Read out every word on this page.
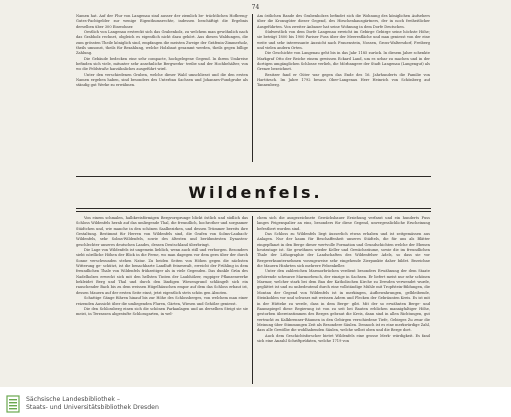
74

Namen hat. Auf der Flur von Langenau sind ausser der ziemlich be- trächtlichen Hofbreng-Gutes-Pachtgelder zur wenige Eigenthumsrechte, indessen beschäftigt die Ergebnis derselben über 300 Einwohner.

Oestlich von Langenau erstreckt sich das Grabenholz, zu welchem man gewöhnlich nach das Grabholz rechnet, obgleich es eigentlich nicht dazu gehört. Aus diesen Waldungen, die zum grössten Theile königlich sind, empfangen die meisten Zweige der Gräfenin-Zimmerholz, theils umsonst, theils für Bezahlung, welche Holzbaut gesammt werden, theils gegen billige Zahlung.

Die Gebäude bedecken eine sehr compacte, hochgelegene Gegend. In ihrem Umkreise befinden sich viele, mitunter sehr ansehnliche Bergwerks- treibe und der Hochbehälter, von wo die Feldstraße harzähnliches ausgeführt wird.

Unter den verschiedenen Gruben, welche dieser Wald umschliesst und die den ersten Namen ergeben haben, sind besonders des Unterbau Sachsen und Johannes-Fundgrube als ständig gut Werke zu erwähnen.

Am östlichen Rande des Grabenholzes befindet sich die Wohnung des königlichen Aufsehers über die Kronsgüter dieser Gegend, des Hirschenhausgärtners, der in noch freiheitlicher Ausgeführten. Von zweiter Anbauer hat seine Wohnung in dem Dorfe Deutschen.

Südwestlich von dem Dorfe Langenau erreicht im Gebirge Gebirge seine höchste Höhe; sie beträgt 1800 bis 1900 Pariser Fuss über der Meeresfläche und man geniesst von der eine weite und sehr interessante Aussicht nach Frauenstein, Nossen, Gross-Waltersdorf, Freiberg und vielen andern Orten.

Die Geschichte von Langenau geht bis in das Jahr 1185 zurück. In diesem Jahre schenkte Markgraf Otto der Reiche einem gewissen Eckard Land, um es urbar zu machen und in der dortigen umgänglichen Schlosse verlieh, die Mörbangere der Stadt Langenau (Langengut) als Grenze bezeichnet.

Besitzer fand er Güter war gegen das Ende des 16. Jahrhunderts die Familie von Hartitzsch. Im Jahre 1792 besass Ober-Langenau Herr Heinrich von Schönberg auf Tannenberg.

Wildenfels.

Von einem schmalen, halbkreisförmigen Bergvorsprunge blickt östlich und südlich das Schloss Wildenfels herab auf das umliegende Thal, die freundlich, hochrother und sorgsamer Städtchen und, wie manche in den schönen Saalbezirken, und dessen Trümmer bereits ihre Gestaltung. Bestimmt für Herren von Wildenfels sind, die Grafen von Solms-Laubach-Wildenfels, sehr Solms-Wildenfels, sowie des ältesten und berühmtesten Dynasten- geschlechter unseres deutschen Landes, dessen Deutschland überbringt.

Die Lage von Wildenfels ist ungemein lieblich, wenn auch still und verborgen. Besonders sieht nördliche Höhen der Blick in die Ferne, wo man dagegen vor dem gern über der durch Sonne verschwunden stehen Natur. Zu beiden Seiten von Höhen gegen die nächsten Witterung ge- schützt, ist die benachbarte Landluft feineswalt, erreicht der Frühling in dem freundlichen Thale von Wildenfels frühzeitiger als in viele Gegenden. Das dunkle Grün des Nadelholzes erweckt sich mit den hellsten Tinten der Laubhölzer, ruppiger Pflanzenwerke bekleidet Berg und Thal und durch den ländigen Wiesengrund schlängelt sich ein rauschender Bach bis zu dem weissen Hügelhäuschen empor auf dem das Schloss erbaut ist, dessen Mauern auf der ersten Seite einst, jetzt eigentlich stets schön gen Absoten.

Schattige Gänge führen hinauf bis zur Höhe des Schlossberges, von welchem man einer reizenden Aussicht über die umliegenden Fluren, Gärten, Wiesen und Gehölze geniesst.

Die den Schlossberg einen sich die schönen Parkanlagen und an derselben Steigt sie sie meist, in Terrassen abgestufte Schlossgarten, in wel-

chem sich die ausgezeichnete Gewächsbauer Erziehung verfasst und ein hunderts Fuss langes Feigenspalier an eins, besonders für diese Gegend, unvergesslichliche Erscheinung befestliert worden sind.

Das Schloss zu Wildenfels liegt äusserlich etwas erhaben und ist zeitgemässen aus Anlagen. Nur der kaum für Beschaffenheit unseres Städtels, die für uns als Blätter eingepflanzt in den Berge dieser wertvolle Formation und Grundschichten welche der Ebenen heutzutage ist. Sie gewöhnen wieder Keller und Gewächsräume, sowie die im freundlichen Thale der Lithographie der Landschaften des Wildenfelser Adels, so dass sie vor Bergwerksunternehmen vorzugsweise sehr eingehende Zierpunkte daher bildet. Bezeichne die Mauern Hinhrten sich mehrere Felsenkeller.

Unter den zahlreichen Marmorbrüchen verdient besonders Erwähnung der dem Staate gehörende schwarze Marmorbruch, der einzige in Sachsen. Er liefert meist nur sehr schönen Marmor, welcher stark bei dem Bau der Katholischen Kirche zu Dresden verwendet wurde, geglättet ist und zu unbedeutend durch eine vollständige Mühle mit Tropfstein-Bildungen, die Montan der Gegend von Wildenfels ist in merkingen, Aufbewahrungen, gelbleibende, Steinkohlen vor und schwarz mit weissen Adern und Flecken der Gebräunten Kreis. Es ist mit in der Hütteke zu werde, dass in dem Berge- gibt. Mit der so erwähnten Berge- und Raumspiegel diese Regierung ist von zu seit bei Bauten erblichen mannigfaltiger Höhe, gestorben übereinstimmen des Berges gebraut die Kreis, dann sind in allen Richtungen, gut vertrackt zu Kalkbrenner-Räumen in den Gebirgen verschiedene Tiefe, Gebirges Zu zwar die Meinung über Stimmungen Zeit als Besondere Säulen. Dennoch ist es eine merkwürdige Zahl, dass alle Gewölbe die wohlhabenden Säulen, welche selbst oben und die Berge dort.

Auch dem Geschichtsforscher bietet Wildenfels eine grosse Merk- würdigkeit. Es fand sich eine Anzahl Schriftprüfaten, welche 1719 von

Sächsische Landesbibliothek –
Staats- und Universitätsbibliothek Dresden
